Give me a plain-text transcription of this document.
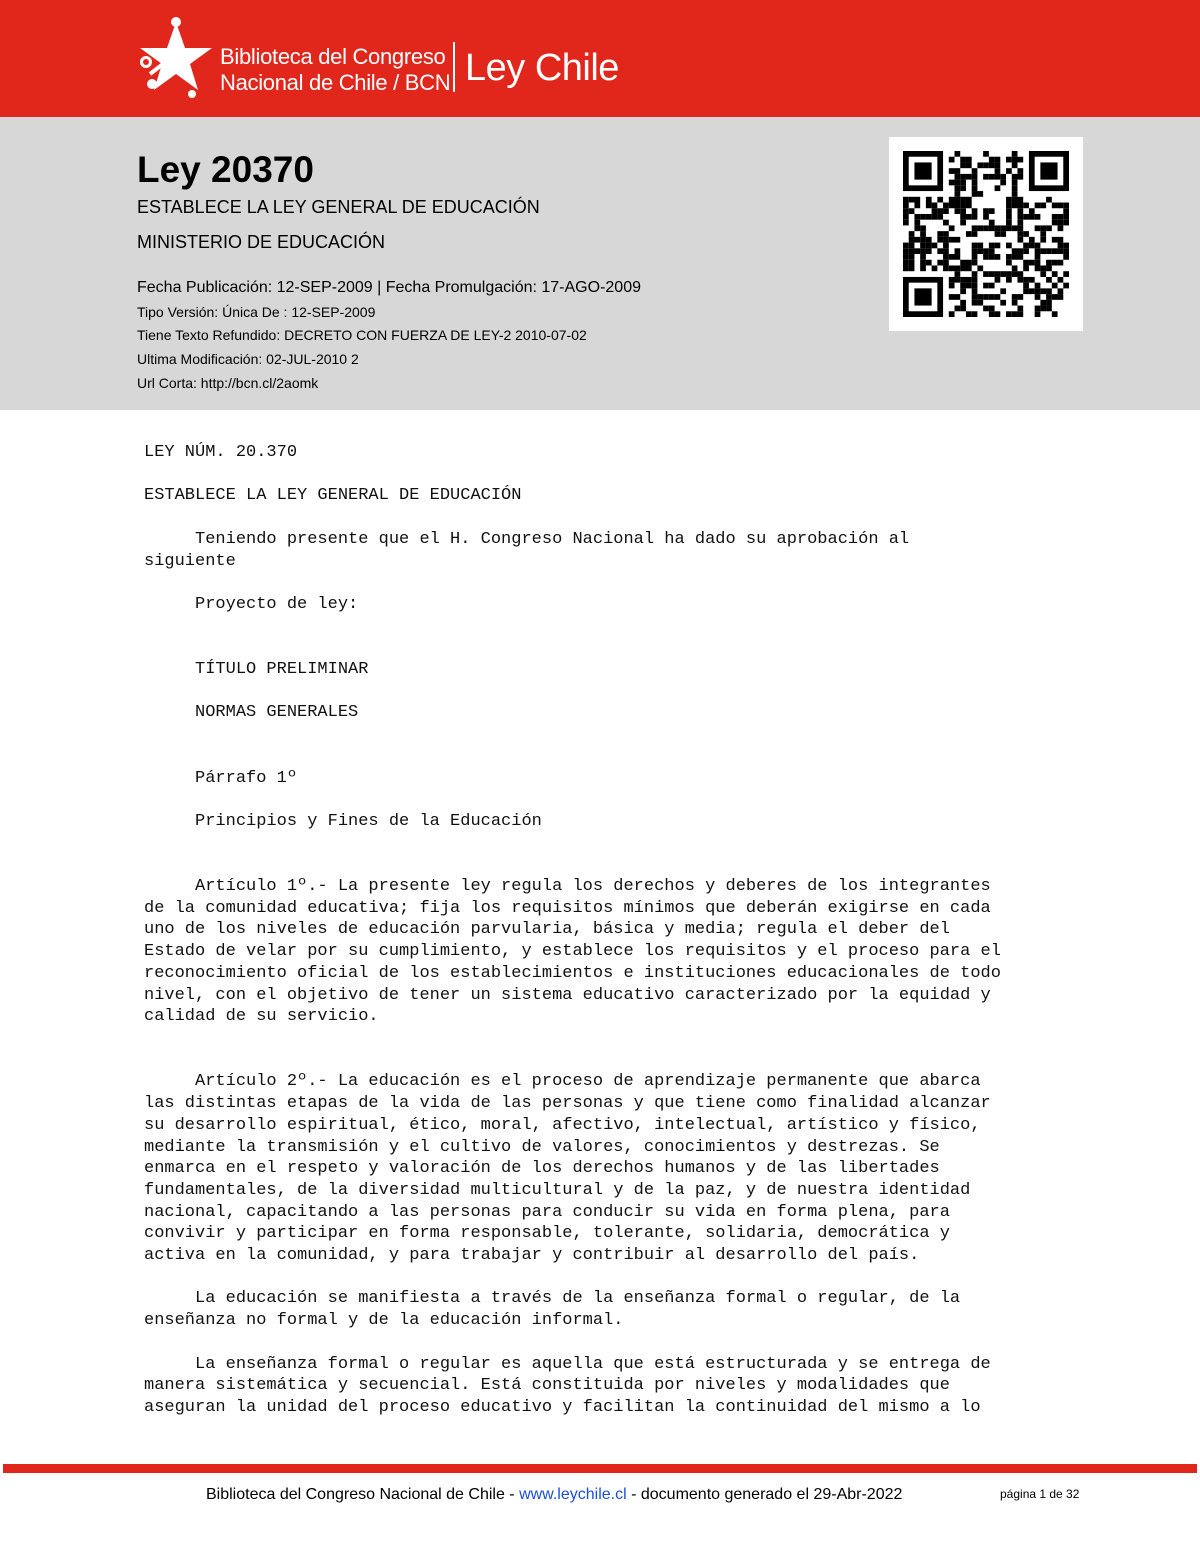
Biblioteca del Congreso
Nacional de Chile / BCN Ley Chile
Ley 20370
ESTABLECE LA LEY GENERAL DE EDUCACIÓN
MINISTERIO DE EDUCACIÓN
Fecha Publicación: 12-SEP-2009 | Fecha Promulgación: 17-AGO-2009
Tipo Versión: Única De : 12-SEP-2009
Tiene Texto Refundido: DECRETO CON FUERZA DE LEY-2 2010-07-02
Ultima Modificación: 02-JUL-2010 2
Url Corta: http://bcn.cl/2aomk
LEY NÚM. 20.370

ESTABLECE LA LEY GENERAL DE EDUCACIÓN

Teniendo presente que el H. Congreso Nacional ha dado su aprobación al
siguiente

Proyecto de ley:

TÍTULO PRELIMINAR

NORMAS GENERALES

Párrafo 1º

Principios y Fines de la Educación

Artículo 1º.- La presente ley regula los derechos y deberes de los integrantes
de la comunidad educativa; fija los requisitos mínimos que deberán exigirse en cada
uno de los niveles de educación parvularia, básica y media; regula el deber del
Estado de velar por su cumplimiento, y establece los requisitos y el proceso para el
reconocimiento oficial de los establecimientos e instituciones educacionales de todo
nivel, con el objetivo de tener un sistema educativo caracterizado por la equidad y
calidad de su servicio.

Artículo 2º.- La educación es el proceso de aprendizaje permanente que abarca
las distintas etapas de la vida de las personas y que tiene como finalidad alcanzar
su desarrollo espiritual, ético, moral, afectivo, intelectual, artístico y físico,
mediante la transmisión y el cultivo de valores, conocimientos y destrezas. Se
enmarca en el respeto y valoración de los derechos humanos y de las libertades
fundamentales, de la diversidad multicultural y de la paz, y de nuestra identidad
nacional, capacitando a las personas para conducir su vida en forma plena, para
convivir y participar en forma responsable, tolerante, solidaria, democrática y
activa en la comunidad, y para trabajar y contribuir al desarrollo del país.

La educación se manifiesta a través de la enseñanza formal o regular, de la
enseñanza no formal y de la educación informal.

La enseñanza formal o regular es aquella que está estructurada y se entrega de
manera sistemática y secuencial. Está constituida por niveles y modalidades que
aseguran la unidad del proceso educativo y facilitan la continuidad del mismo a lo
Biblioteca del Congreso Nacional de Chile - www.leychile.cl - documento generado el 29-Abr-2022	página 1 de 32
